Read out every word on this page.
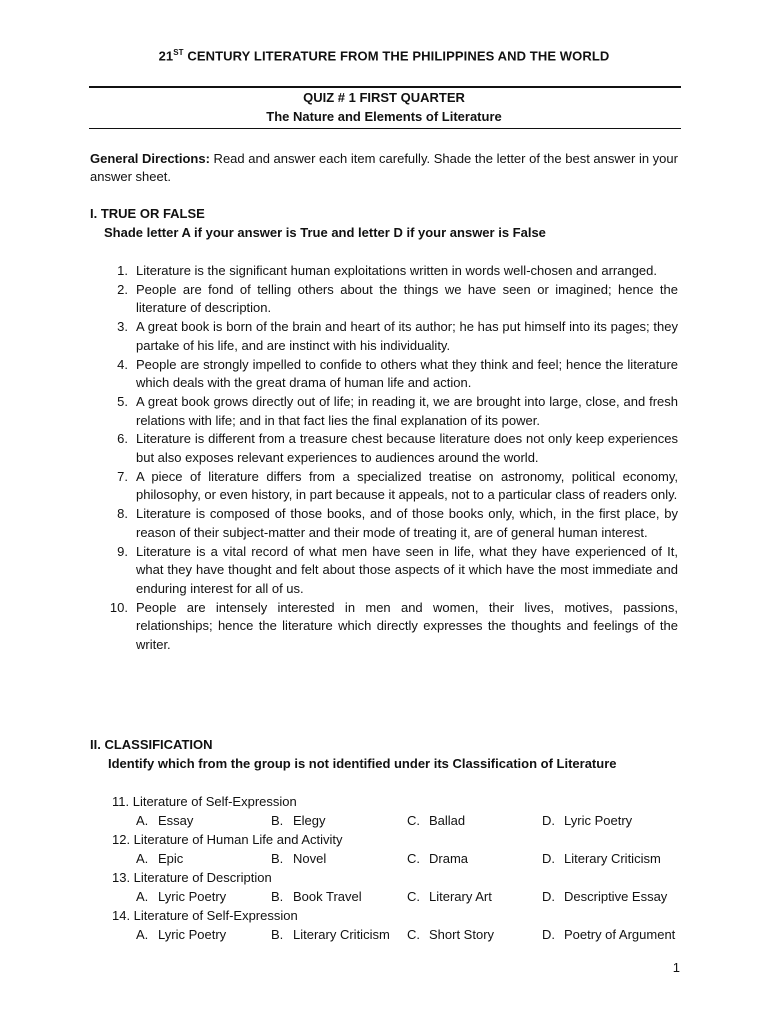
21ST CENTURY LITERATURE FROM THE PHILIPPINES AND THE WORLD
QUIZ # 1 FIRST QUARTER
The Nature and Elements of Literature
General Directions: Read and answer each item carefully. Shade the letter of the best answer in your answer sheet.
I. TRUE OR FALSE
Shade letter A if your answer is True and letter D if your answer is False
1. Literature is the significant human exploitations written in words well-chosen and arranged.
2. People are fond of telling others about the things we have seen or imagined; hence the literature of description.
3. A great book is born of the brain and heart of its author; he has put himself into its pages; they partake of his life, and are instinct with his individuality.
4. People are strongly impelled to confide to others what they think and feel; hence the literature which deals with the great drama of human life and action.
5. A great book grows directly out of life; in reading it, we are brought into large, close, and fresh relations with life; and in that fact lies the final explanation of its power.
6. Literature is different from a treasure chest because literature does not only keep experiences but also exposes relevant experiences to audiences around the world.
7. A piece of literature differs from a specialized treatise on astronomy, political economy, philosophy, or even history, in part because it appeals, not to a particular class of readers only.
8. Literature is composed of those books, and of those books only, which, in the first place, by reason of their subject-matter and their mode of treating it, are of general human interest.
9. Literature is a vital record of what men have seen in life, what they have experienced of It, what they have thought and felt about those aspects of it which have the most immediate and enduring interest for all of us.
10. People are intensely interested in men and women, their lives, motives, passions, relationships; hence the literature which directly expresses the thoughts and feelings of the writer.
II. CLASSIFICATION
Identify which from the group is not identified under its Classification of Literature
11. Literature of Self-Expression
A. Essay	B. Elegy	C. Ballad	D. Lyric Poetry
12. Literature of Human Life and Activity
A. Epic	B. Novel	C. Drama	D. Literary Criticism
13. Literature of Description
A. Lyric Poetry	B. Book Travel	C. Literary Art	D. Descriptive Essay
14. Literature of Self-Expression
A. Lyric Poetry	B. Literary Criticism C. Short Story	D. Poetry of Argument
1
